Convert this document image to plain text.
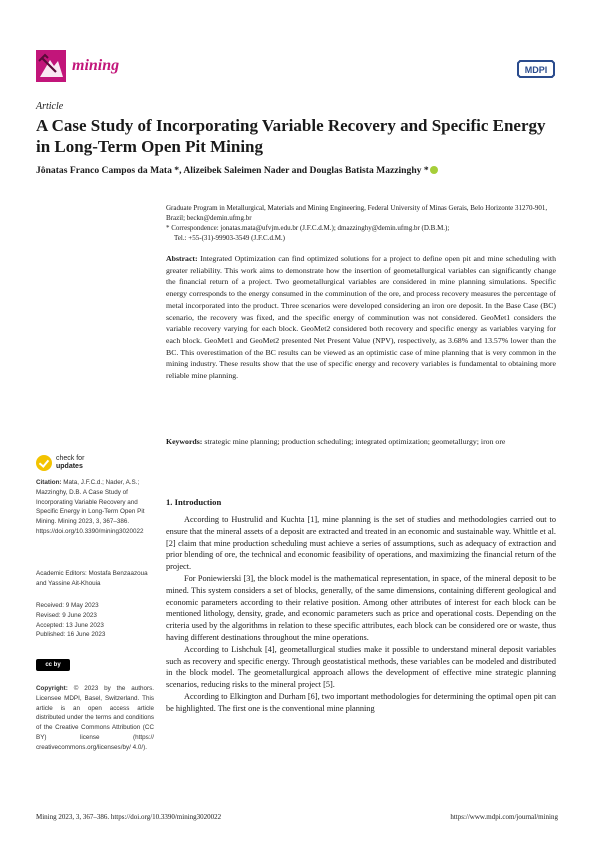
mining	MDPI
Article
A Case Study of Incorporating Variable Recovery and Specific Energy in Long-Term Open Pit Mining
Jônatas Franco Campos da Mata *, Alizeibek Saleimen Nader and Douglas Batista Mazzinghy *

Graduate Program in Metallurgical, Materials and Mining Engineering, Federal University of Minas Gerais, Belo Horizonte 31270-901, Brazil; beckn@demin.ufmg.br

* Correspondence: jonatas.mata@ufvjm.edu.br (J.F.C.d.M.); dmazzinghy@demin.ufmg.br (D.B.M.);

Tel.: +55-(31)-99903-3549 (J.F.C.d.M.)

Abstract: Integrated Optimization can find optimized solutions for a project to define open pit and mine scheduling with greater reliability. This work aims to demonstrate how the insertion of geometallurgical variables can significantly change the financial return of a project. Two geometallurgical variables are considered in mine planning simulations. Specific energy corresponds to the energy consumed in the comminution of the ore, and process recovery measures the percentage of metal incorporated into the product. Three scenarios were developed considering an iron ore deposit. In the Base Case (BC) scenario, the recovery was fixed, and the specific energy of comminution was not considered. GeoMet1 considers the variable recovery varying for each block. GeoMet2 considered both recovery and specific energy as variables varying for each block. GeoMet1 and GeoMet2 presented Net Present Value (NPV), respectively, as 3.68% and 13.57% lower than the BC. This overestimation of the BC results can be viewed as an optimistic case of mine planning that is very common in the mining industry. These results show that the use of specific energy and recovery variables is fundamental to obtaining more reliable mine planning.

Keywords: strategic mine planning; production scheduling; integrated optimization; geometallurgy; iron ore

check for
updates

Citation: Mata, J.F.C.d.; Nader, A.S.; Mazzinghy, D.B. A Case Study of Incorporating Variable Recovery and Specific Energy in Long-Term Open Pit Mining. Mining 2023, 3, 367–386. https://doi.org/10.3390/mining3020022

Academic Editors: Mostafa Benzaazoua and Yassine Ait-Khouia

Received: 9 May 2023

Revised: 9 June 2023

Accepted: 13 June 2023

Published: 16 June 2023

cc by

Copyright: © 2023 by the authors. Licensee MDPI, Basel, Switzerland. This article is an open access article distributed under the terms and conditions of the Creative Commons Attribution (CC BY) license (https:// creativecommons.org/licenses/by/ 4.0/).

1. Introduction

According to Hustrulid and Kuchta [1], mine planning is the set of studies and methodologies carried out to ensure that the mineral assets of a deposit are extracted and treated in an economic and sustainable way. Whittle et al. [2] claim that mine production scheduling must achieve a series of assumptions, such as adequacy of extraction and prior blending of ore, the technical and economic feasibility of operations, and maximizing the financial return of the project.

For Poniewierski [3], the block model is the mathematical representation, in space, of the mineral deposit to be mined. This system considers a set of blocks, generally, of the same dimensions, containing different geological and economic parameters according to their relative position. Among other attributes of interest for each block can be mentioned lithology, density, grade, and economic parameters such as price and operational costs. Depending on the criteria used by the algorithms in relation to these specific attributes, each block can be considered ore or waste, thus having different destinations throughout the mine operations.

According to Lishchuk [4], geometallurgical studies make it possible to understand mineral deposit variables such as recovery and specific energy. Through geostatistical methods, these variables can be modeled and distributed in the block model. The geometallurgical approach allows the development of effective mine strategic planning scenarios, reducing risks to the mineral project [5].

According to Elkington and Durham [6], two important methodologies for determining the optimal open pit can be highlighted. The first one is the conventional mine planning

Mining 2023, 3, 367–386. https://doi.org/10.3390/mining3020022	https://www.mdpi.com/journal/mining
